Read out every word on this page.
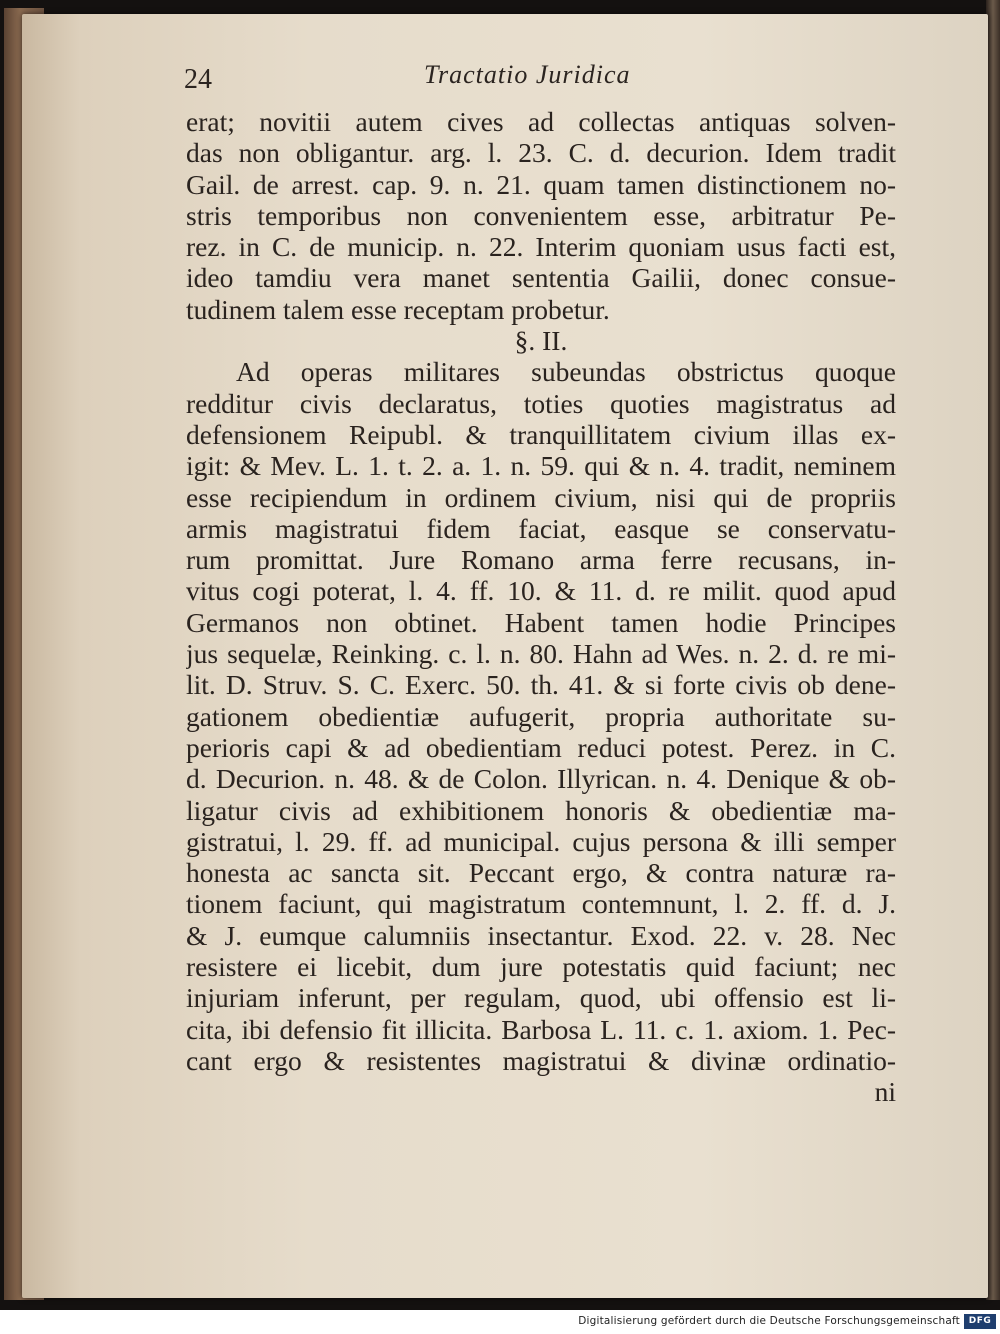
24	Tractatio Juridica
erat; novitii autem cives ad collectas antiquas solven-
das non obligantur. arg. l. 23. C. d. decurion. Idem tradit
Gail. de arrest. cap. 9. n. 21. quam tamen distinctionem no-
stris temporibus non convenientem esse, arbitratur Pe-
rez. in C. de municip. n. 22. Interim quoniam usus facti est,
ideo tamdiu vera manet sententia Gailii, donec consue-
tudinem talem esse receptam probetur.
§. II.
Ad operas militares subeundas obstrictus quoque
redditur civis declaratus, toties quoties magistratus ad
defensionem Reipubl. & tranquillitatem civium illas ex-
igit: & Mev. L. 1. t. 2. a. 1. n. 59. qui & n. 4. tradit, neminem
esse recipiendum in ordinem civium, nisi qui de propriis
armis magistratui fidem faciat, easque se conservatu-
rum promittat. Jure Romano arma ferre recusans, in-
vitus cogi poterat, l. 4. ff. 10. & 11. d. re milit. quod apud
Germanos non obtinet. Habent tamen hodie Principes
jus sequelæ, Reinking. c. l. n. 80. Hahn ad Wes. n. 2. d. re mi-
lit. D. Struv. S. C. Exerc. 50. th. 41. & si forte civis ob dene-
gationem obedientiæ aufugerit, propria authoritate su-
perioris capi & ad obedientiam reduci potest. Perez. in C.
d. Decurion. n. 48. & de Colon. Illyrican. n. 4. Denique & ob-
ligatur civis ad exhibitionem honoris & obedientiæ ma-
gistratui, l. 29. ff. ad municipal. cujus persona & illi semper
honesta ac sancta sit. Peccant ergo, & contra naturæ ra-
tionem faciunt, qui magistratum contemnunt, l. 2. ff. d. J.
& J. eumque calumniis insectantur. Exod. 22. v. 28. Nec
resistere ei licebit, dum jure potestatis quid faciunt; nec
injuriam inferunt, per regulam, quod, ubi offensio est li-
cita, ibi defensio fit illicita. Barbosa L. 11. c. 1. axiom. 1. Pec-
cant ergo & resistentes magistratui & divinæ ordinatio-
ni
Digitalisierung gefördert durch die Deutsche Forschungsgemeinschaft DFG
